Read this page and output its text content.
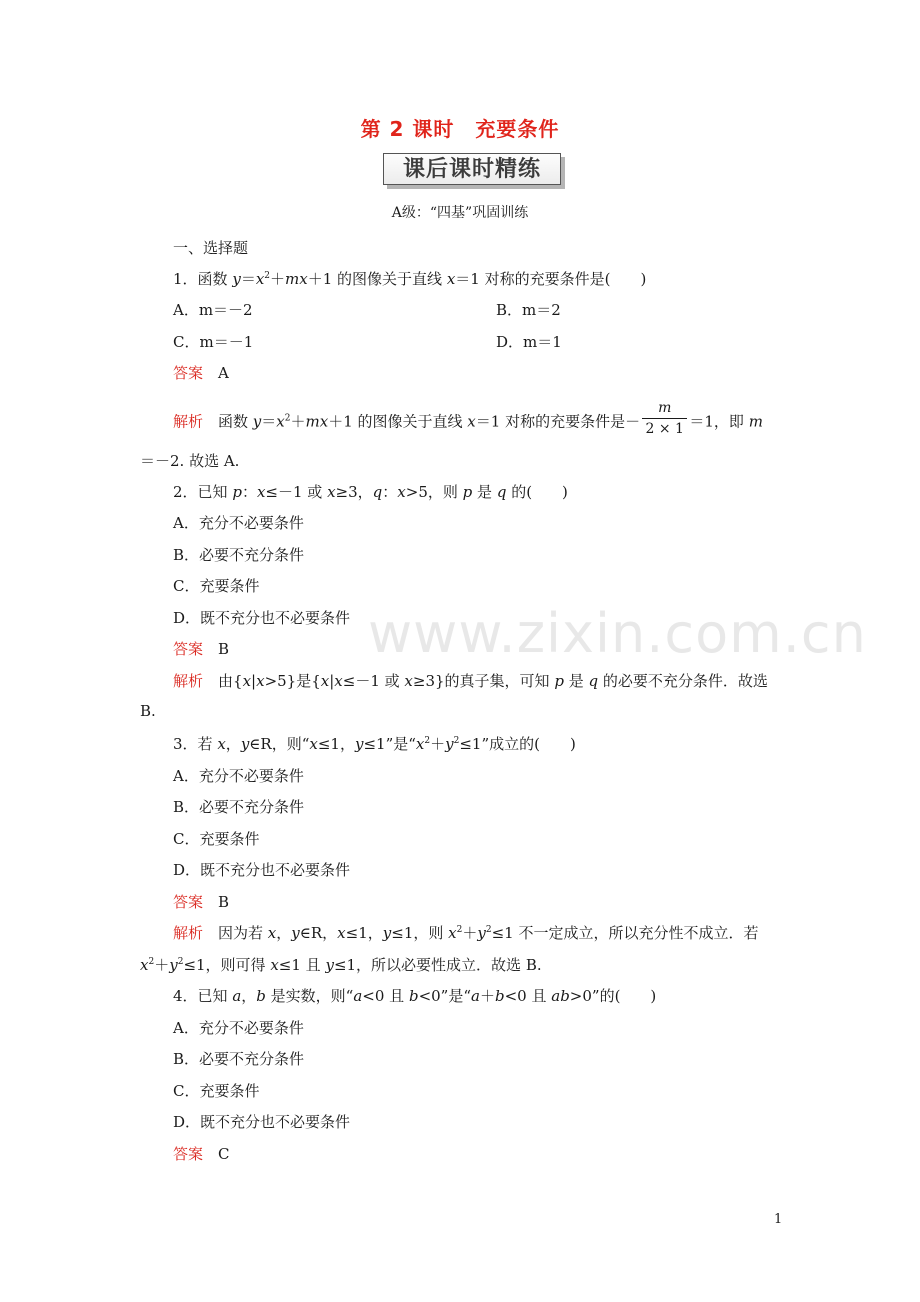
第 2 课时　充要条件
课后课时精练
A级：“四基”巩固训练
一、选择题
1．函数 $y=x^2+mx+1$ 的图像关于直线 x＝1 对称的充要条件是(　　)
A．m＝－2	B．m＝2
C．m＝－1	D．m＝1
答案　 A
解析　函数 $y=x^2+mx+1$ 的图像关于直线 x＝1 对称的充要条件是－ $\frac{m}{2 \times 1} =1$，即 m
＝－2. 故选 A.
2．已知 p：x≤－1 或 x≥3，q：x>5，则 p 是 q 的(　　)
A．充分不必要条件
B．必要不充分条件
C．充要条件
D．既不充分也不必要条件
答案　 B
解析　由{x|x>5}是{x|x≤－1 或 x≥3}的真子集，可知 p 是 q 的必要不充分条件．故选
B.
3．若 x，y∈R，则“x≤1，y≤1”是“$x^2+y^2\le 1$”成立的(　　)
A．充分不必要条件
B．必要不充分条件
C．充要条件
D．既不充分也不必要条件
答案　 B
解析　因为若 x，y∈R，x≤1，y≤1，则 $x^2+y^2\le 1$ 不一定成立，所以充分性不成立．若
$x^2+y^2\le 1$，则可得 x≤1 且 y≤1，所以必要性成立．故选 B.
4．已知 a，b 是实数，则“a<0 且 b<0”是“a＋b<0 且 ab>0”的(　　)
A．充分不必要条件
B．必要不充分条件
C．充要条件
D．既不充分也不必要条件
答案　 C
www.zixin.com.cn
1
